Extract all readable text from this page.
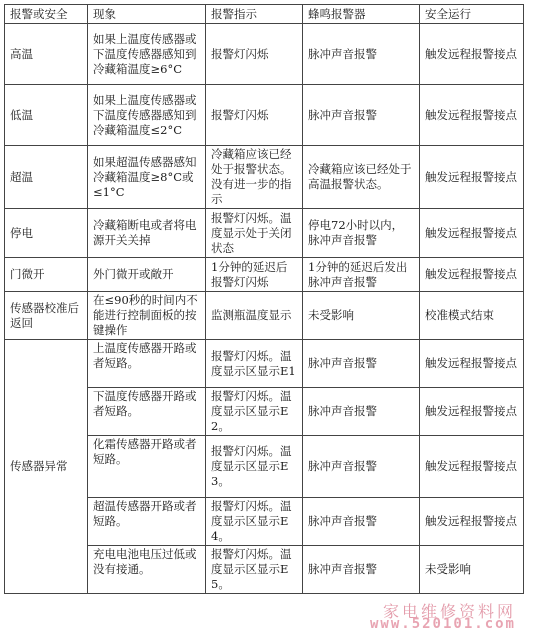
报警或安全	现象	报警指示	蜂鸣报警器	安全运行
高温	如果上温度传感器或下温度传感器感知到冷藏箱温度≥6°C	报警灯闪烁	脉冲声音报警	触发远程报警接点
低温	如果上温度传感器或下温度传感器感知到冷藏箱温度≤2°C	报警灯闪烁	脉冲声音报警	触发远程报警接点
超温	如果超温传感器感知冷藏箱温度≥8°C或≤1°C	冷藏箱应该已经处于报警状态。没有进一步的指示	冷藏箱应该已经处于高温报警状态。	触发远程报警接点
停电	冷藏箱断电或者将电源开关关掉	报警灯闪烁。温度显示处于关闭状态	停电72小时以内，脉冲声音报警	触发远程报警接点
门微开	外门微开或敞开	1分钟的延迟后报警灯闪烁	1分钟的延迟后发出脉冲声音报警	触发远程报警接点
传感器校准后返回	在≤90秒的时间内不能进行控制面板的按键操作	监测瓶温度显示	未受影响	校准模式结束
传感器异常	上温度传感器开路或者短路。	报警灯闪烁。温度显示区显示E1	脉冲声音报警	触发远程报警接点
	下温度传感器开路或者短路。	报警灯闪烁。温度显示区显示E2。	脉冲声音报警	触发远程报警接点
	化霜传感器开路或者短路。	报警灯闪烁。温度显示区显示E3。	脉冲声音报警	触发远程报警接点
	超温传感器开路或者短路。	报警灯闪烁。温度显示区显示E4。	脉冲声音报警	触发远程报警接点
	充电电池电压过低或没有接通。	报警灯闪烁。温度显示区显示E5。	脉冲声音报警	未受影响
家电维修资料网
www.520101.com
